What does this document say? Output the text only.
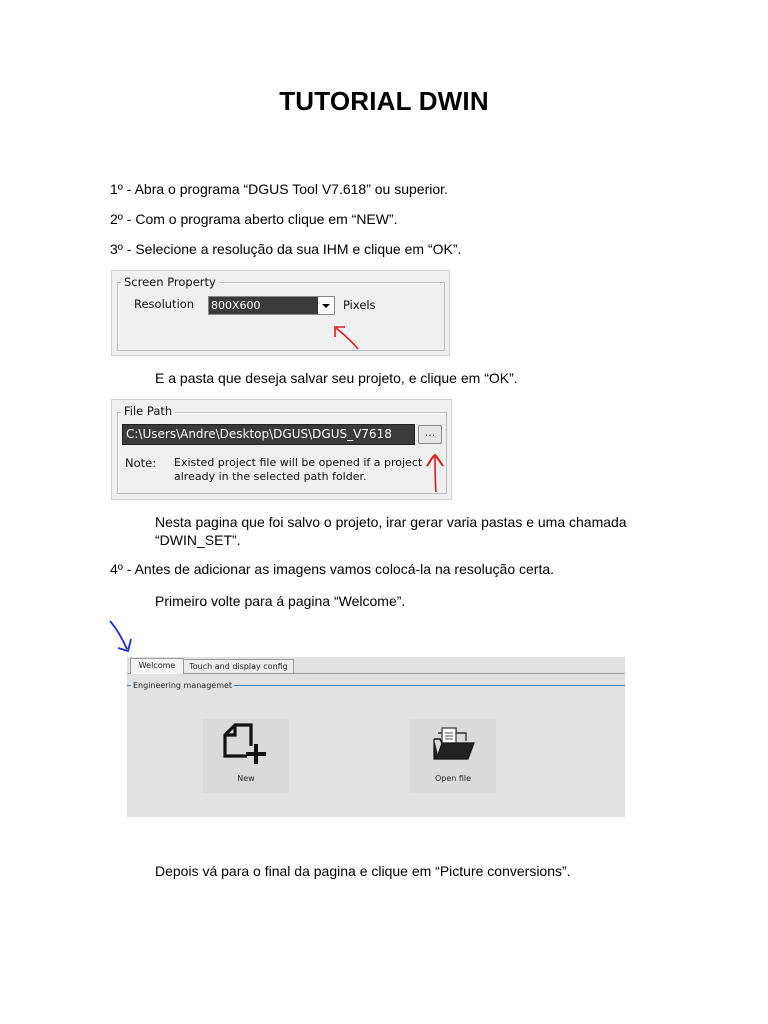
TUTORIAL DWIN
1º - Abra o programa “DGUS Tool V7.618” ou superior.
2º - Com o programa aberto clique em “NEW”.
3º - Selecione a resolução da sua IHM e clique em “OK”.
Screen Property
Resolution 800X600	Pixels
E a pasta que deseja salvar seu projeto, e clique em “OK”.
File Path
C:\Users\Andre\Desktop\DGUS\DGUS_V7618	...
Note: Existed project file will be opened if a project
already in the selected path folder.
Nesta pagina que foi salvo o projeto, irar gerar varia pastas e uma chamada “DWIN_SET”.
4º - Antes de adicionar as imagens vamos colocá-la na resolução certa.
Primeiro volte para á pagina “Welcome”.
Welcome	Touch and display config
Engineering managemet
New	Open file
Depois vá para o final da pagina e clique em “Picture conversions”.
